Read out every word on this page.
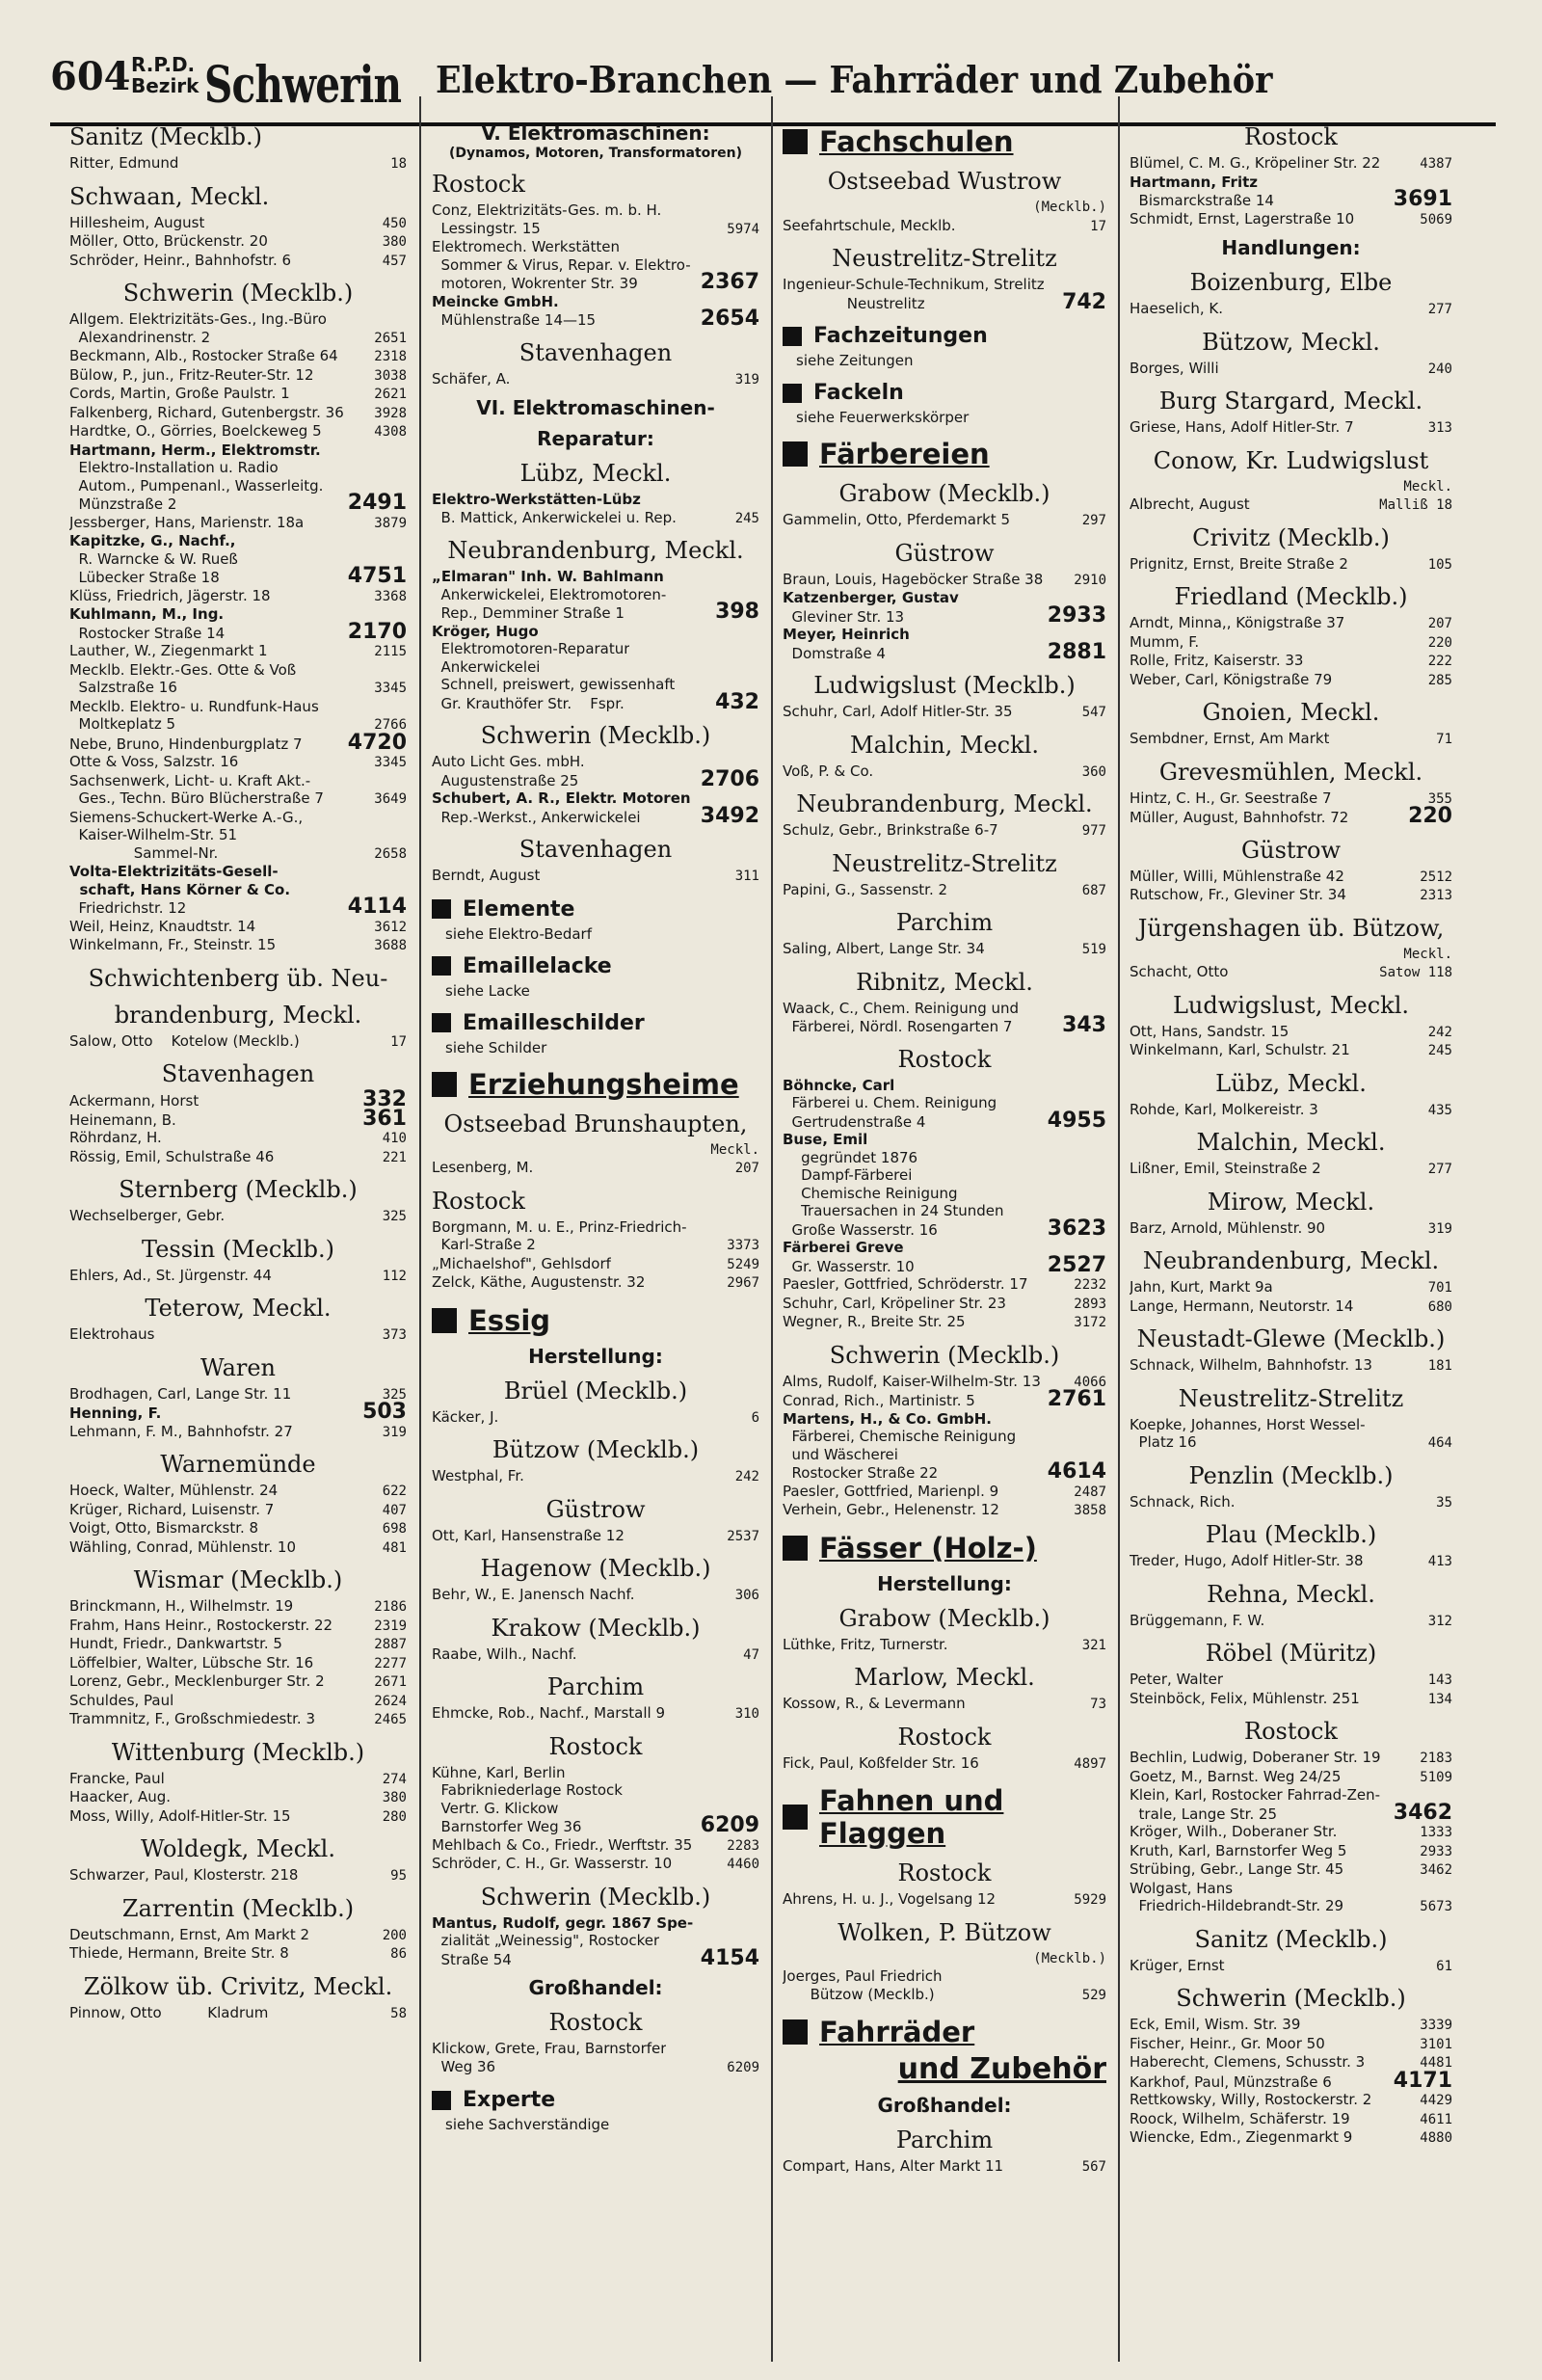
604 R.P.D.
Bezirk Schwerin Elektro-Branchen — Fahrräder und Zubehör
Sanitz (Mecklb.)
Ritter, Edmund	18
Schwaan, Meckl.
Hillesheim, August	450
Möller, Otto, Brückenstr. 20	380
Schröder, Heinr., Bahnhofstr. 6	457
Schwerin (Mecklb.)
Allgem. Elektrizitäts-Ges., Ing.-Büro
Alexandrinenstr. 2	2651
Beckmann, Alb., Rostocker Straße 64	2318
Bülow, P., jun., Fritz-Reuter-Str. 12	3038
Cords, Martin, Große Paulstr. 1	2621
Falkenberg, Richard, Gutenbergstr. 36 3928
Hardtke, O., Görries, Boelckeweg 5	4308
Hartmann, Herm., Elektromstr.
Elektro-Installation u. Radio
Autom., Pumpenanl., Wasserleitg.
Münzstraße 2	2491
Jessberger, Hans, Marienstr. 18a	3879
Kapitzke, G., Nachf.,
R. Warncke & W. Rueß
Lübecker Straße 18	4751
Klüss, Friedrich, Jägerstr. 18	3368
Kuhlmann, M., Ing.
Rostocker Straße 14	2170
Lauther, W., Ziegenmarkt 1	2115
Mecklb. Elektr.-Ges. Otte & Voß
Salzstraße 16	3345
Mecklb. Elektro- u. Rundfunk-Haus
Moltkeplatz 5	2766
Nebe, Bruno, Hindenburgplatz 7 4720
Otte & Voss, Salzstr. 16	3345
Sachsenwerk, Licht- u. Kraft Akt.-
Ges., Techn. Büro Blücherstraße 7	3649
Siemens-Schuckert-Werke A.-G.,
Kaiser-Wilhelm-Str. 51
Sammel-Nr.	2658
Volta-Elektrizitäts-Gesell-
schaft, Hans Körner & Co.
Friedrichstr. 12	4114
Weil, Heinz, Knaudtstr. 14	3612
Winkelmann, Fr., Steinstr. 15	3688
Schwichtenberg üb. Neu-
brandenburg, Meckl.
Salow, Otto    Kotelow (Mecklb.)	17
Stavenhagen
Ackermann, Horst	332
Heinemann, B.	361
Röhrdanz, H.	410
Rössig, Emil, Schulstraße 46	221
Sternberg (Mecklb.)
Wechselberger, Gebr.	325
Tessin (Mecklb.)
Ehlers, Ad., St. Jürgenstr. 44	112
Teterow, Meckl.
Elektrohaus	373
Waren
Brodhagen, Carl, Lange Str. 11	325
Henning, F.	503
Lehmann, F. M., Bahnhofstr. 27	319
Warnemünde
Hoeck, Walter, Mühlenstr. 24	622
Krüger, Richard, Luisenstr. 7	407
Voigt, Otto, Bismarckstr. 8	698
Wähling, Conrad, Mühlenstr. 10	481
Wismar (Mecklb.)
Brinckmann, H., Wilhelmstr. 19	2186
Frahm, Hans Heinr., Rostockerstr. 22	2319
Hundt, Friedr., Dankwartstr. 5	2887
Löffelbier, Walter, Lübsche Str. 16	2277
Lorenz, Gebr., Mecklenburger Str. 2	2671
Schuldes, Paul	2624
Trammnitz, F., Großschmiedestr. 3	2465
Wittenburg (Mecklb.)
Francke, Paul	274
Haacker, Aug.	380
Moss, Willy, Adolf-Hitler-Str. 15	280
Woldegk, Meckl.
Schwarzer, Paul, Klosterstr. 218	95
Zarrentin (Mecklb.)
Deutschmann, Ernst, Am Markt 2	200
Thiede, Hermann, Breite Str. 8	86
Zölkow üb. Crivitz, Meckl.
Pinnow, Otto          Kladrum	58
V. Elektromaschinen:
(Dynamos, Motoren, Transformatoren)
Rostock
Conz, Elektrizitäts-Ges. m. b. H.
Lessingstr. 15	5974
Elektromech. Werkstätten
Sommer & Virus, Repar. v. Elektro-
motoren, Wokrenter Str. 39	2367
Meincke GmbH.
Mühlenstraße 14—15	2654
Stavenhagen
Schäfer, A.	319
VI. Elektromaschinen-
Reparatur:
Lübz, Meckl.
Elektro-Werkstätten-Lübz
B. Mattick, Ankerwickelei u. Rep.	245
Neubrandenburg, Meckl.
„Elmaran" Inh. W. Bahlmann
Ankerwickelei, Elektromotoren-
Rep., Demminer Straße 1	398
Kröger, Hugo
Elektromotoren-Reparatur
Ankerwickelei
Schnell, preiswert, gewissenhaft
Gr. Krauthöfer Str.    Fspr.	432
Schwerin (Mecklb.)
Auto Licht Ges. mbH.
Augustenstraße 25	2706
Schubert, A. R., Elektr. Motoren
Rep.-Werkst., Ankerwickelei	3492
Stavenhagen
Berndt, August	311
Elemente
siehe Elektro-Bedarf
Emaillelacke
siehe Lacke
Emailleschilder
siehe Schilder
Erziehungsheime
Ostseebad Brunshaupten,
Meckl.
Lesenberg, M.	207
Rostock
Borgmann, M. u. E., Prinz-Friedrich-
Karl-Straße 2	3373
„Michaelshof", Gehlsdorf	5249
Zelck, Käthe, Augustenstr. 32	2967
Essig
Herstellung:
Brüel (Mecklb.)
Käcker, J.	6
Bützow (Mecklb.)
Westphal, Fr.	242
Güstrow
Ott, Karl, Hansenstraße 12	2537
Hagenow (Mecklb.)
Behr, W., E. Janensch Nachf.	306
Krakow (Mecklb.)
Raabe, Wilh., Nachf.	47
Parchim
Ehmcke, Rob., Nachf., Marstall 9	310
Rostock
Kühne, Karl, Berlin
Fabrikniederlage Rostock
Vertr. G. Klickow
Barnstorfer Weg 36	6209
Mehlbach & Co., Friedr., Werftstr. 35	2283
Schröder, C. H., Gr. Wasserstr. 10	4460
Schwerin (Mecklb.)
Mantus, Rudolf, gegr. 1867 Spe-
zialität „Weinessig", Rostocker
Straße 54	4154
Großhandel:
Rostock
Klickow, Grete, Frau, Barnstorfer
Weg 36	6209
Experte
siehe Sachverständige
Fachschulen
Ostseebad Wustrow
(Mecklb.)
Seefahrtschule, Mecklb.	17
Neustrelitz-Strelitz
Ingenieur-Schule-Technikum, Strelitz
Neustrelitz	742
Fachzeitungen
siehe Zeitungen
Fackeln
siehe Feuerwerkskörper
Färbereien
Grabow (Mecklb.)
Gammelin, Otto, Pferdemarkt 5	297
Güstrow
Braun, Louis, Hageböcker Straße 38 2910
Katzenberger, Gustav
Gleviner Str. 13	2933
Meyer, Heinrich
Domstraße 4	2881
Ludwigslust (Mecklb.)
Schuhr, Carl, Adolf Hitler-Str. 35	547
Malchin, Meckl.
Voß, P. & Co.	360
Neubrandenburg, Meckl.
Schulz, Gebr., Brinkstraße 6-7	977
Neustrelitz-Strelitz
Papini, G., Sassenstr. 2	687
Parchim
Saling, Albert, Lange Str. 34	519
Ribnitz, Meckl.
Waack, C., Chem. Reinigung und
Färberei, Nördl. Rosengarten 7 343
Rostock
Böhncke, Carl
Färberei u. Chem. Reinigung
Gertrudenstraße 4	4955
Buse, Emil
gegründet 1876
Dampf-Färberei
Chemische Reinigung
Trauersachen in 24 Stunden
Große Wasserstr. 16	3623
Färberei Greve
Gr. Wasserstr. 10	2527
Paesler, Gottfried, Schröderstr. 17	2232
Schuhr, Carl, Kröpeliner Str. 23	2893
Wegner, R., Breite Str. 25	3172
Schwerin (Mecklb.)
Alms, Rudolf, Kaiser-Wilhelm-Str. 13 4066
Conrad, Rich., Martinistr. 5	2761
Martens, H., & Co. GmbH.
Färberei, Chemische Reinigung
und Wäscherei
Rostocker Straße 22	4614
Paesler, Gottfried, Marienpl. 9	2487
Verhein, Gebr., Helenenstr. 12	3858
Fässer (Holz-)
Herstellung:
Grabow (Mecklb.)
Lüthke, Fritz, Turnerstr.	321
Marlow, Meckl.
Kossow, R., & Levermann	73
Rostock
Fick, Paul, Koßfelder Str. 16	4897
Fahnen und Flaggen
Rostock
Ahrens, H. u. J., Vogelsang 12	5929
Wolken, P. Bützow
(Mecklb.)
Joerges, Paul Friedrich
Bützow (Mecklb.)	529
Fahrräder
und Zubehör
Großhandel:
Parchim
Compart, Hans, Alter Markt 11	567
Rostock
Blümel, C. M. G., Kröpeliner Str. 22	4387
Hartmann, Fritz
Bismarckstraße 14	3691
Schmidt, Ernst, Lagerstraße 10	5069
Handlungen:
Boizenburg, Elbe
Haeselich, K.	277
Bützow, Meckl.
Borges, Willi	240
Burg Stargard, Meckl.
Griese, Hans, Adolf Hitler-Str. 7	313
Conow, Kr. Ludwigslust
Meckl.
Albrecht, August	Malliß 18
Crivitz (Mecklb.)
Prignitz, Ernst, Breite Straße 2	105
Friedland (Mecklb.)
Arndt, Minna,, Königstraße 37	207
Mumm, F.	220
Rolle, Fritz, Kaiserstr. 33	222
Weber, Carl, Königstraße 79	285
Gnoien, Meckl.
Sembdner, Ernst, Am Markt	71
Grevesmühlen, Meckl.
Hintz, C. H., Gr. Seestraße 7	355
Müller, August, Bahnhofstr. 72	220
Güstrow
Müller, Willi, Mühlenstraße 42	2512
Rutschow, Fr., Gleviner Str. 34	2313
Jürgenshagen üb. Bützow,
Meckl.
Schacht, Otto	Satow 118
Ludwigslust, Meckl.
Ott, Hans, Sandstr. 15	242
Winkelmann, Karl, Schulstr. 21	245
Lübz, Meckl.
Rohde, Karl, Molkereistr. 3	435
Malchin, Meckl.
Lißner, Emil, Steinstraße 2	277
Mirow, Meckl.
Barz, Arnold, Mühlenstr. 90	319
Neubrandenburg, Meckl.
Jahn, Kurt, Markt 9a	701
Lange, Hermann, Neutorstr. 14	680
Neustadt-Glewe (Mecklb.)
Schnack, Wilhelm, Bahnhofstr. 13	181
Neustrelitz-Strelitz
Koepke, Johannes, Horst Wessel-
Platz 16	464
Penzlin (Mecklb.)
Schnack, Rich.	35
Plau (Mecklb.)
Treder, Hugo, Adolf Hitler-Str. 38	413
Rehna, Meckl.
Brüggemann, F. W.	312
Röbel (Müritz)
Peter, Walter	143
Steinböck, Felix, Mühlenstr. 251	134
Rostock
Bechlin, Ludwig, Doberaner Str. 19	2183
Goetz, M., Barnst. Weg 24/25	5109
Klein, Karl, Rostocker Fahrrad-Zen-
trale, Lange Str. 25	3462
Kröger, Wilh., Doberaner Str.	1333
Kruth, Karl, Barnstorfer Weg 5	2933
Strübing, Gebr., Lange Str. 45	3462
Wolgast, Hans
Friedrich-Hildebrandt-Str. 29	5673
Sanitz (Mecklb.)
Krüger, Ernst	61
Schwerin (Mecklb.)
Eck, Emil, Wism. Str. 39	3339
Fischer, Heinr., Gr. Moor 50	3101
Haberecht, Clemens, Schusstr. 3	4481
Karkhof, Paul, Münzstraße 6	4171
Rettkowsky, Willy, Rostockerstr. 2	4429
Roock, Wilhelm, Schäferstr. 19	4611
Wiencke, Edm., Ziegenmarkt 9	4880
